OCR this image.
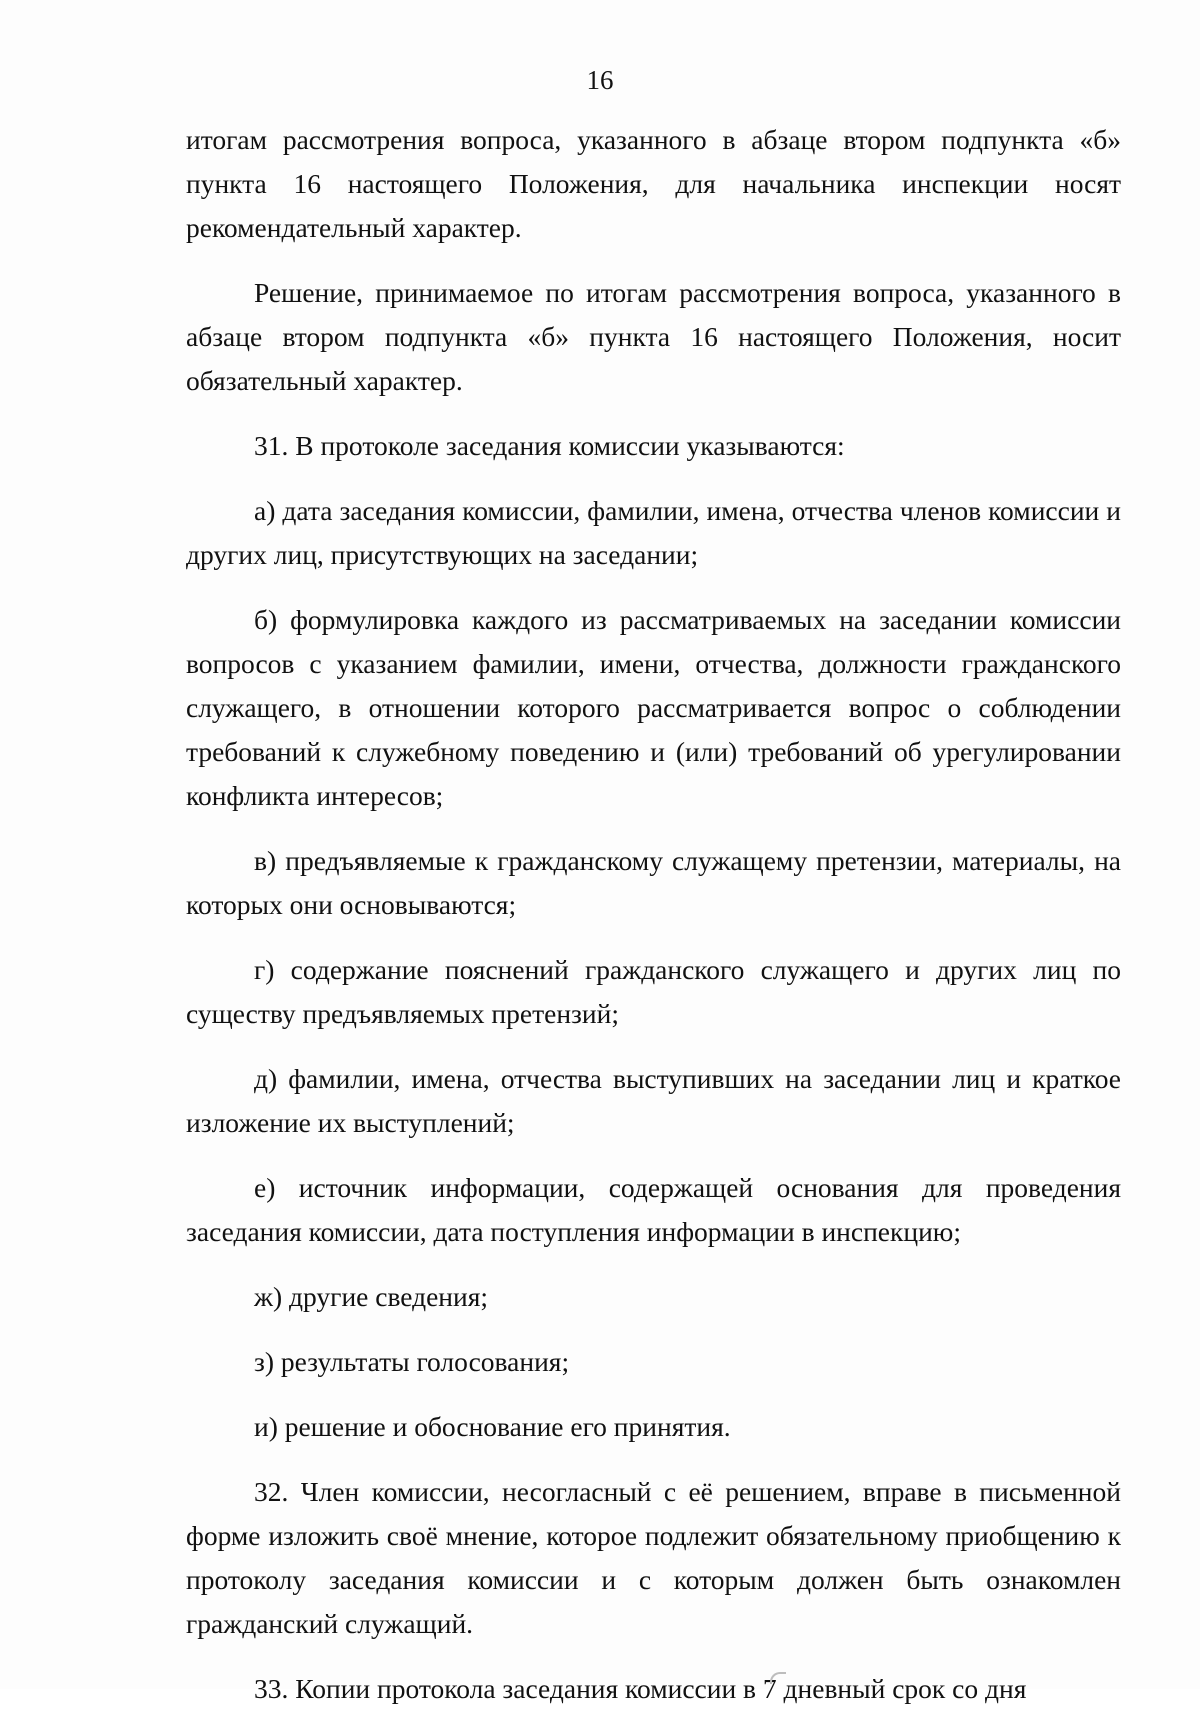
16

итогам рассмотрения вопроса, указанного в абзаце втором подпункта «б» пункта 16 настоящего Положения, для начальника инспекции носят рекомендательный характер.

Решение, принимаемое по итогам рассмотрения вопроса, указанного в абзаце втором подпункта «б» пункта 16 настоящего Положения, носит обязательный характер.

31. В протоколе заседания комиссии указываются:

а) дата заседания комиссии, фамилии, имена, отчества членов комиссии и других лиц, присутствующих на заседании;

б) формулировка каждого из рассматриваемых на заседании комиссии вопросов с указанием фамилии, имени, отчества, должности гражданского служащего, в отношении которого рассматривается вопрос о соблюдении требований к служебному поведению и (или) требований об урегулировании конфликта интересов;

в) предъявляемые к гражданскому служащему претензии, материалы, на которых они основываются;

г) содержание пояснений гражданского служащего и других лиц по существу предъявляемых претензий;

д) фамилии, имена, отчества выступивших на заседании лиц и краткое изложение их выступлений;

е) источник информации, содержащей основания для проведения заседания комиссии, дата поступления информации в инспекцию;

ж) другие сведения;

з) результаты голосования;

и) решение и обоснование его принятия.

32. Член комиссии, несогласный с её решением, вправе в письменной форме изложить своё мнение, которое подлежит обязательному приобщению к протоколу заседания комиссии и с которым должен быть ознакомлен гражданский служащий.

33. Копии протокола заседания комиссии в 7 дневный срок со дня
